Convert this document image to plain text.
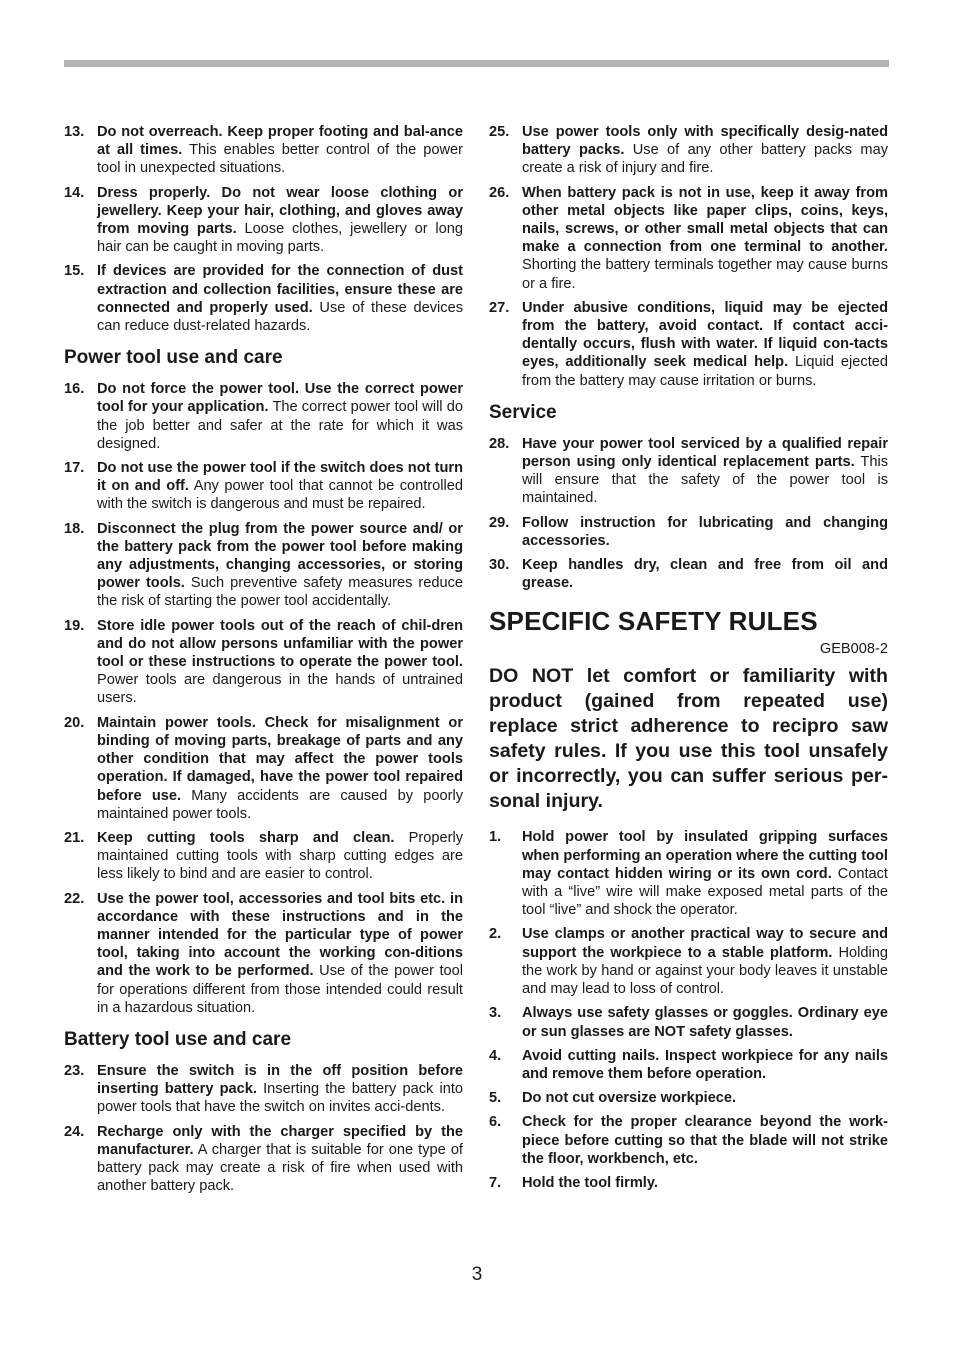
13. Do not overreach. Keep proper footing and bal-ance at all times. This enables better control of the power tool in unexpected situations.
14. Dress properly. Do not wear loose clothing or jewellery. Keep your hair, clothing, and gloves away from moving parts. Loose clothes, jewellery or long hair can be caught in moving parts.
15. If devices are provided for the connection of dust extraction and collection facilities, ensure these are connected and properly used. Use of these devices can reduce dust-related hazards.
Power tool use and care
16. Do not force the power tool. Use the correct power tool for your application. The correct power tool will do the job better and safer at the rate for which it was designed.
17. Do not use the power tool if the switch does not turn it on and off. Any power tool that cannot be controlled with the switch is dangerous and must be repaired.
18. Disconnect the plug from the power source and/ or the battery pack from the power tool before making any adjustments, changing accessories, or storing power tools. Such preventive safety measures reduce the risk of starting the power tool accidentally.
19. Store idle power tools out of the reach of chil-dren and do not allow persons unfamiliar with the power tool or these instructions to operate the power tool. Power tools are dangerous in the hands of untrained users.
20. Maintain power tools. Check for misalignment or binding of moving parts, breakage of parts and any other condition that may affect the power tools operation. If damaged, have the power tool repaired before use. Many accidents are caused by poorly maintained power tools.
21. Keep cutting tools sharp and clean. Properly maintained cutting tools with sharp cutting edges are less likely to bind and are easier to control.
22. Use the power tool, accessories and tool bits etc. in accordance with these instructions and in the manner intended for the particular type of power tool, taking into account the working con-ditions and the work to be performed. Use of the power tool for operations different from those intended could result in a hazardous situation.
Battery tool use and care
23. Ensure the switch is in the off position before inserting battery pack. Inserting the battery pack into power tools that have the switch on invites acci-dents.
24. Recharge only with the charger specified by the manufacturer. A charger that is suitable for one type of battery pack may create a risk of fire when used with another battery pack.
25. Use power tools only with specifically desig-nated battery packs. Use of any other battery packs may create a risk of injury and fire.
26. When battery pack is not in use, keep it away from other metal objects like paper clips, coins, keys, nails, screws, or other small metal objects that can make a connection from one terminal to another. Shorting the battery terminals together may cause burns or a fire.
27. Under abusive conditions, liquid may be ejected from the battery, avoid contact. If contact acci-dentally occurs, flush with water. If liquid con-tacts eyes, additionally seek medical help. Liquid ejected from the battery may cause irritation or burns.
Service
28. Have your power tool serviced by a qualified repair person using only identical replacement parts. This will ensure that the safety of the power tool is maintained.
29. Follow instruction for lubricating and changing accessories.
30. Keep handles dry, clean and free from oil and grease.
SPECIFIC SAFETY RULES
GEB008-2
DO NOT let comfort or familiarity with product (gained from repeated use) replace strict adherence to recipro saw safety rules. If you use this tool unsafely or incorrectly, you can suffer serious per-sonal injury.
1.	Hold power tool by insulated gripping surfaces when performing an operation where the cutting tool may contact hidden wiring or its own cord. Contact with a “live” wire will make exposed metal parts of the tool “live” and shock the operator.
2.	Use clamps or another practical way to secure and support the workpiece to a stable platform. Holding the work by hand or against your body leaves it unstable and may lead to loss of control.
3.	Always use safety glasses or goggles. Ordinary eye or sun glasses are NOT safety glasses.
4.	Avoid cutting nails. Inspect workpiece for any nails and remove them before operation.
5.	Do not cut oversize workpiece.
6.	Check for the proper clearance beyond the work-piece before cutting so that the blade will not strike the floor, workbench, etc.
7.	Hold the tool firmly.
3
